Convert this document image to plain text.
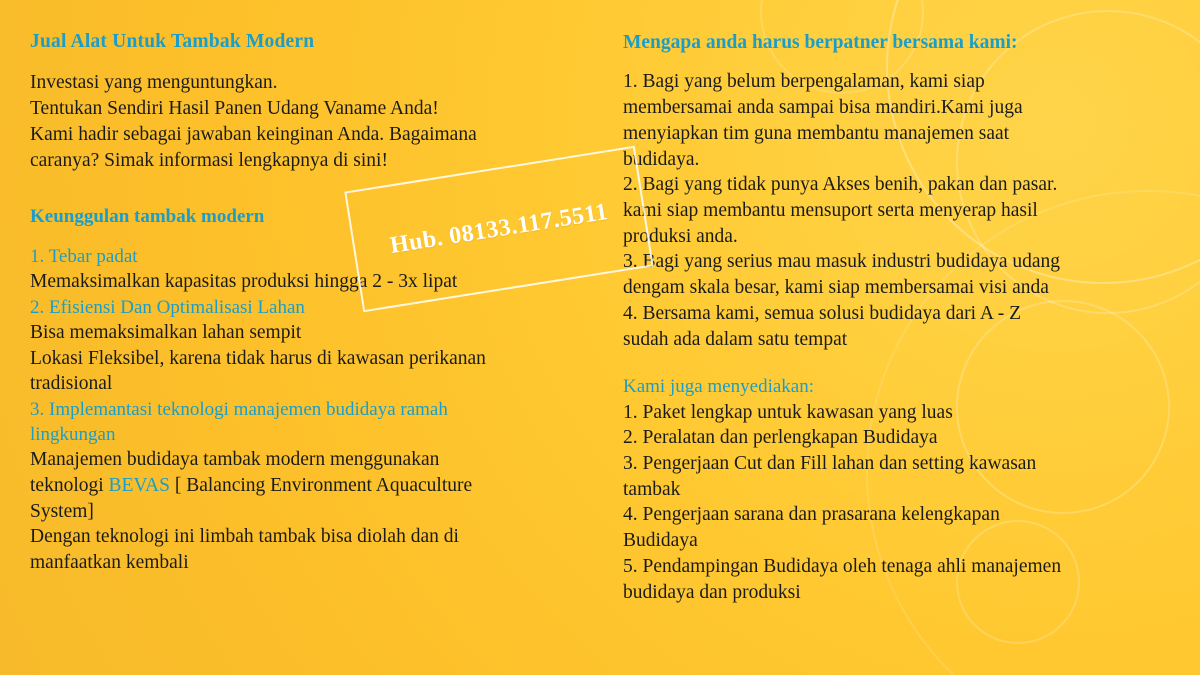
Jual Alat Untuk Tambak Modern
Investasi yang menguntungkan.
Tentukan Sendiri Hasil Panen Udang Vaname Anda!
Kami hadir sebagai jawaban keinginan Anda. Bagaimana
caranya? Simak informasi lengkapnya di sini!
Keunggulan tambak modern
1. Tebar padat
Memaksimalkan kapasitas produksi hingga 2 - 3x lipat
2. Efisiensi Dan Optimalisasi Lahan
Bisa memaksimalkan lahan sempit
Lokasi Fleksibel, karena tidak harus di kawasan perikanan
tradisional
3. Implemantasi teknologi manajemen budidaya ramah
lingkungan
Manajemen budidaya tambak modern menggunakan
teknologi BEVAS [ Balancing Environment Aquaculture
System]
Dengan teknologi ini limbah tambak bisa diolah dan di
manfaatkan kembali
Mengapa anda harus berpatner bersama kami:
1. Bagi yang belum berpengalaman, kami siap
membersamai anda sampai bisa mandiri.Kami juga
menyiapkan tim guna membantu manajemen saat
budidaya.
2. Bagi yang tidak punya Akses benih, pakan dan pasar.
kami siap membantu mensuport serta menyerap hasil
produksi anda.
3. Bagi yang serius mau masuk industri budidaya udang
dengam skala besar, kami siap membersamai visi anda
4. Bersama kami, semua solusi budidaya dari A - Z
sudah ada dalam satu tempat
Kami juga menyediakan:
1. Paket lengkap untuk kawasan yang luas
2. Peralatan dan perlengkapan Budidaya
3. Pengerjaan Cut dan Fill lahan dan setting kawasan
tambak
4. Pengerjaan sarana dan prasarana kelengkapan
Budidaya
5. Pendampingan Budidaya oleh tenaga ahli manajemen
budidaya dan produksi
Hub. 08133.117.5511
